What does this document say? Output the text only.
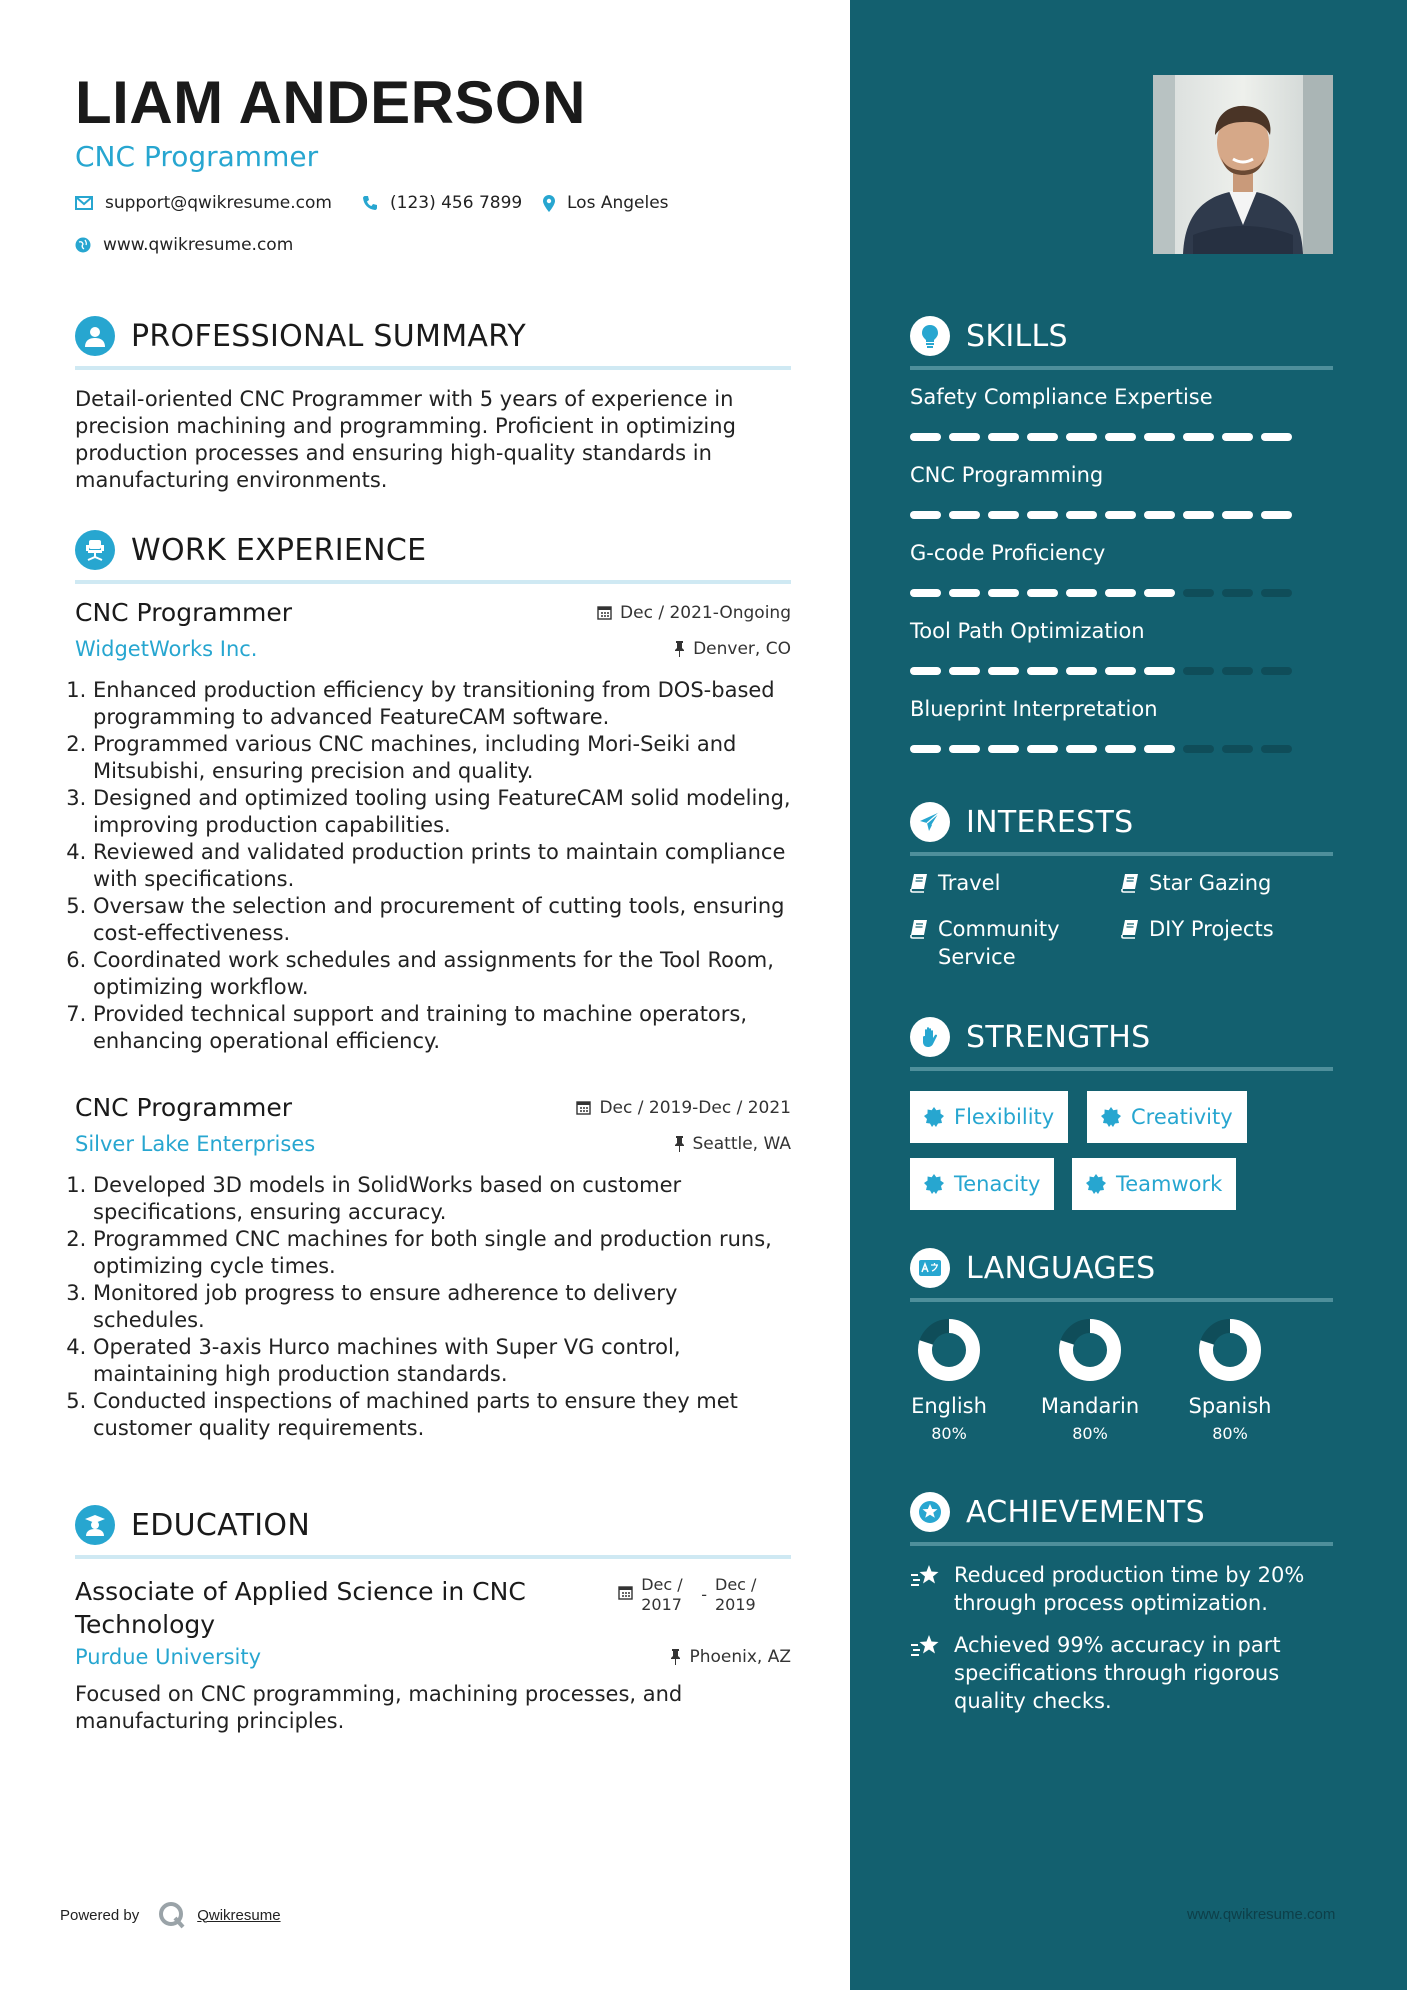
LIAM ANDERSON
CNC Programmer
support@qwikresume.com	(123) 456 7899	Los Angeles
www.qwikresume.com
PROFESSIONAL SUMMARY
Detail-oriented CNC Programmer with 5 years of experience in precision machining and programming. Proficient in optimizing production processes and ensuring high-quality standards in manufacturing environments.
WORK EXPERIENCE
CNC Programmer	Dec / 2021-Ongoing
WidgetWorks Inc.	Denver, CO
1. Enhanced production efficiency by transitioning from DOS-based programming to advanced FeatureCAM software.
2. Programmed various CNC machines, including Mori-Seiki and Mitsubishi, ensuring precision and quality.
3. Designed and optimized tooling using FeatureCAM solid modeling, improving production capabilities.
4. Reviewed and validated production prints to maintain compliance with specifications.
5. Oversaw the selection and procurement of cutting tools, ensuring cost-effectiveness.
6. Coordinated work schedules and assignments for the Tool Room, optimizing workflow.
7. Provided technical support and training to machine operators, enhancing operational efficiency.
CNC Programmer	Dec / 2019-Dec / 2021
Silver Lake Enterprises	Seattle, WA
1. Developed 3D models in SolidWorks based on customer specifications, ensuring accuracy.
2. Programmed CNC machines for both single and production runs, optimizing cycle times.
3. Monitored job progress to ensure adherence to delivery schedules.
4. Operated 3-axis Hurco machines with Super VG control, maintaining high production standards.
5. Conducted inspections of machined parts to ensure they met customer quality requirements.
EDUCATION
Associate of Applied Science in CNC Technology
Dec / 2017
-
Dec / 2019
Purdue University	Phoenix, AZ
Focused on CNC programming, machining processes, and manufacturing principles.
Powered by	Qwikresume
SKILLS
Safety Compliance Expertise
CNC Programming
G-code Proficiency
Tool Path Optimization
Blueprint Interpretation
INTERESTS
Travel	Star Gazing
Community Service
DIY Projects
STRENGTHS
Flexibility	Creativity
Tenacity	Teamwork
LANGUAGES
English
80%
Mandarin
80%
Spanish
80%
ACHIEVEMENTS
Reduced production time by 20% through process optimization.
Achieved 99% accuracy in part specifications through rigorous quality checks.
www.qwikresume.com
